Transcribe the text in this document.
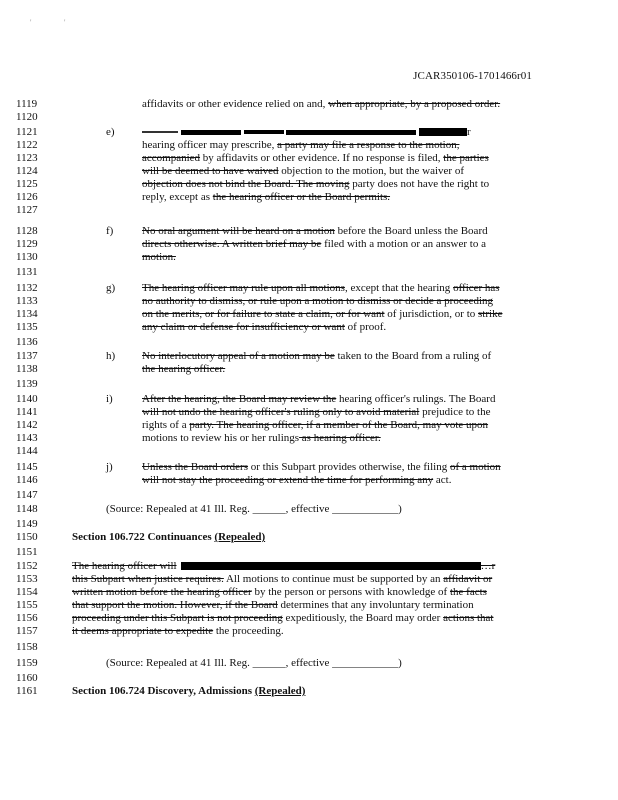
'	'
JCAR350106-1701466r01
1119
1120
1121
1122
1123
1124
1125
1126
1127
1128
1129
1130
1131
1132
1133
1134
1135
1136
1137
1138
1139
1140
1141
1142
1143
1144
1145
1146
1147
1148
1149
1150
1151
1152
1153
1154
1155
1156
1157
1158
1159
1160
1161
affidavits or other evidence relied on and, when appropriate, by a proposed order.
e)	r
hearing officer may prescribe, a party may file a response to the motion,
accompanied by affidavits or other evidence. If no response is filed, the parties
will be deemed to have waived objection to the motion, but the waiver of
objection does not bind the Board. The moving party does not have the right to
reply, except as the hearing officer or the Board permits.
f)	No oral argument will be heard on a motion before the Board unless the Board
directs otherwise. A written brief may be filed with a motion or an answer to a
motion.
g) The hearing officer may rule upon all motions, except that the hearing officer has
no authority to dismiss, or rule upon a motion to dismiss or decide a proceeding
on the merits, or for failure to state a claim, or for want of jurisdiction, or to strike
any claim or defense for insufficiency or want of proof.
h) No interlocutory appeal of a motion may be taken to the Board from a ruling of
the hearing officer.
i)	After the hearing, the Board may review the hearing officer's rulings. The Board
will not undo the hearing officer's ruling only to avoid material prejudice to the
rights of a party. The hearing officer, if a member of the Board, may vote upon
motions to review his or her rulings as hearing officer.
j)	Unless the Board orders or this Subpart provides otherwise, the filing of a motion
will not stay the proceeding or extend the time for performing any act.
(Source: Repealed at 41 Ill. Reg. ______, effective ____________)
Section 106.722 Continuances (Repealed)
The hearing officer will	…r
this Subpart when justice requires. All motions to continue must be supported by an affidavit or
written motion before the hearing officer by the person or persons with knowledge of the facts
that support the motion. However, if the Board determines that any involuntary termination
proceeding under this Subpart is not proceeding expeditiously, the Board may order actions that
it deems appropriate to expedite the proceeding.
(Source: Repealed at 41 Ill. Reg. ______, effective ____________)
Section 106.724 Discovery, Admissions (Repealed)
